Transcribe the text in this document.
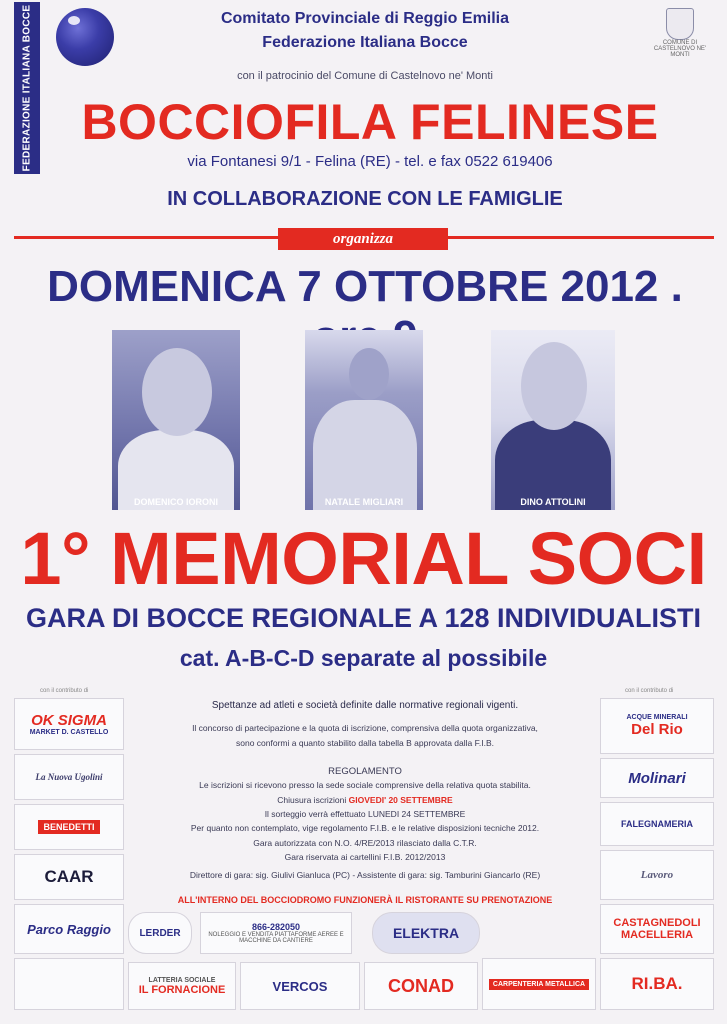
FEDERAZIONE ITALIANA BOCCE	COMUNE DI CASTELNOVO NE' MONTI
Comitato Provinciale di Reggio Emilia
Federazione Italiana Bocce
con il patrocinio del Comune di Castelnovo ne' Monti
BOCCIOFILA FELINESE
via Fontanesi 9/1 - Felina (RE) - tel. e fax 0522 619406
IN COLLABORAZIONE CON LE FAMIGLIE
organizza
DOMENICA 7 OTTOBRE 2012 .
DOMENICO IORONI	NATALE MIGLIARI	DINO ATTOLINI
1° MEMORIAL SOCI
GARA DI BOCCE REGIONALE A 128 INDIVIDUALISTI
cat. A-B-C-D separate al possibile
Spettanze ad atleti e società definite dalle normative regionali vigenti.
Il concorso di partecipazione e la quota di iscrizione, comprensiva della quota organizzativa,
sono conformi a quanto stabilito dalla tabella B approvata dalla F.I.B.
REGOLAMENTO
Le iscrizioni si ricevono presso la sede sociale comprensive della relativa quota stabilita.
Chiusura iscrizioni GIOVEDI' 20 SETTEMBRE
Il sorteggio verrà effettuato LUNEDI 24 SETTEMBRE
Per quanto non contemplato, vige regolamento F.I.B. e le relative disposizioni tecniche 2012.
Gara autorizzata con N.O. 4/RE/2013 rilasciato dalla C.T.R.
Gara riservata ai cartellini F.I.B. 2012/2013
Direttore di gara: sig. Giulivi Gianluca (PC) - Assistente di gara: sig. Tamburini Giancarlo (RE)
ALL'INTERNO DEL BOCCIODROMO FUNZIONERÀ IL RISTORANTE SU PRENOTAZIONE
con il contributo di	con il contributo di
OK SIGMA
MARKET D. CASTELLO
La Nuova Ugolini
BENEDETTI
CAAR
Parco Raggio
ACQUE MINERALI
Del Rio
Molinari
FALEGNAMERIA
Lavoro
CASTAGNEDOLI MACELLERIA
LERDER
866-282050
NOLEGGIO E VENDITA PIATTAFORME AEREE E MACCHINE DA CANTIERE	ELEKTRA
LATTERIA SOCIALE
IL FORNACIONE	VERCOS	CONAD	CARPENTERIA METALLICA	RI.BA.
